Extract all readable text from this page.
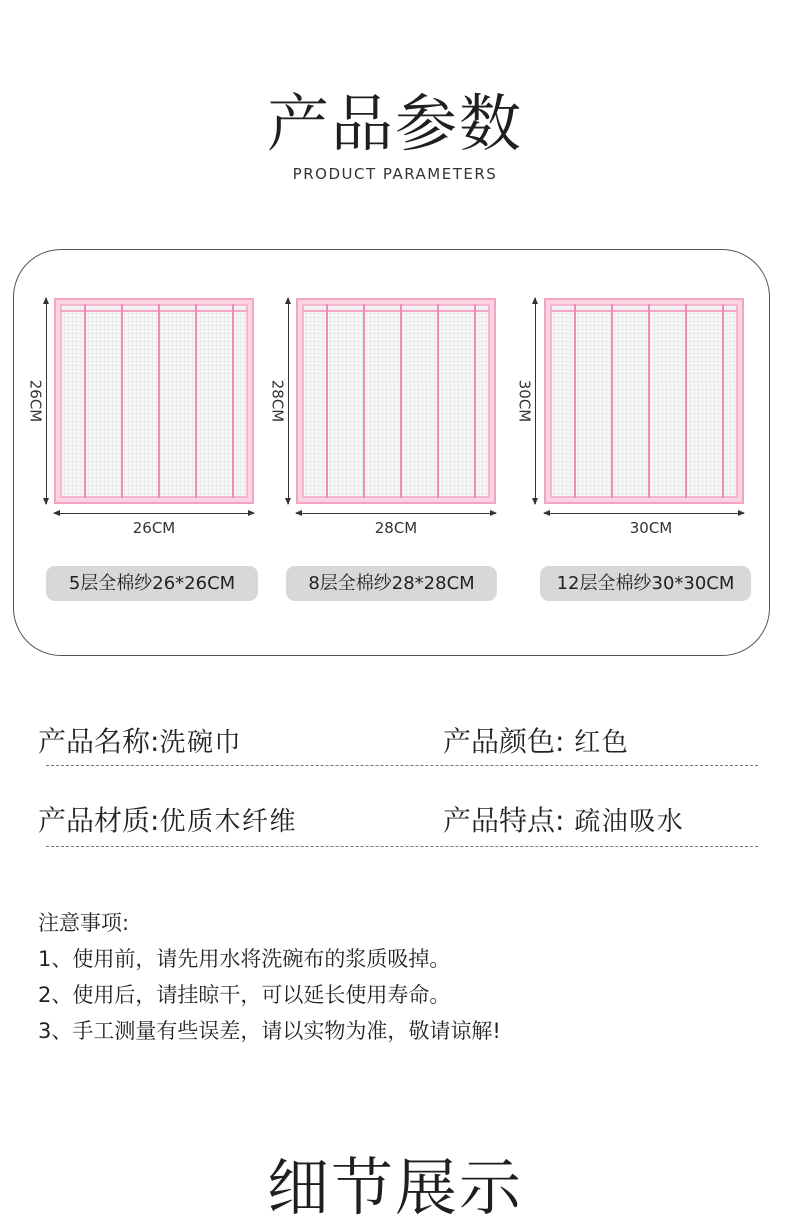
产品参数
PRODUCT PARAMETERS
26CM
26CM
5层全棉纱26*26CM
28CM
28CM
8层全棉纱28*28CM
30CM
30CM
12层全棉纱30*30CM
产品名称:洗碗巾	产品颜色: 红色
产品材质:优质木纤维	产品特点: 疏油吸水
注意事项:
1、使用前，请先用水将洗碗布的浆质吸掉。
2、使用后，请挂晾干，可以延长使用寿命。
3、手工测量有些误差，请以实物为准，敬请谅解!
细节展示
